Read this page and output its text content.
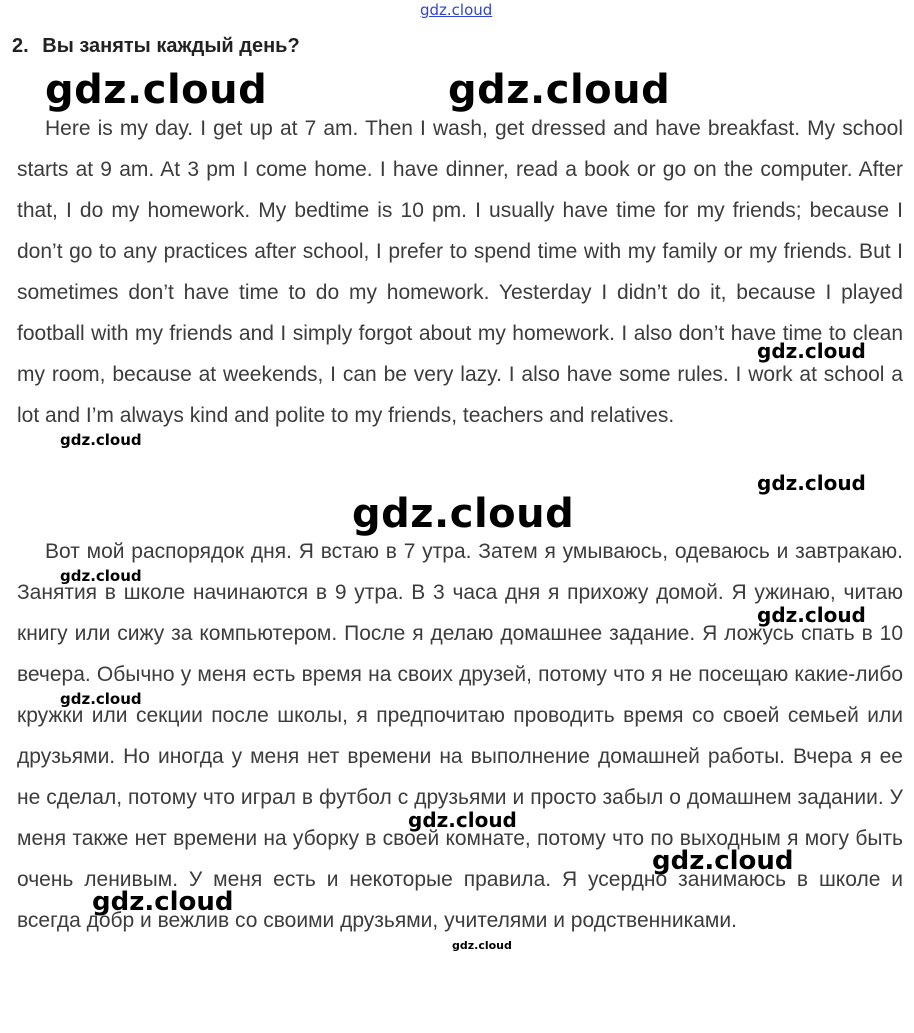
gdz.cloud
2. Вы заняты каждый день?

Here is my day. I get up at 7 am. Then I wash, get dressed and have breakfast. My school starts at 9 am. At 3 pm I come home. I have dinner, read a book or go on the computer. After that, I do my homework. My bedtime is 10 pm. I usually have time for my friends; because I don’t go to any practices after school, I prefer to spend time with my family or my friends. But I sometimes don’t have time to do my homework. Yesterday I didn’t do it, because I played football with my friends and I simply forgot about my homework. I also don’t have time to clean my room, because at weekends, I can be very lazy. I also have some rules. I work at school a lot and I’m always kind and polite to my friends, teachers and relatives.

Вот мой распорядок дня. Я встаю в 7 утра. Затем я умываюсь, одеваюсь и завтракаю. Занятия в школе начинаются в 9 утра. В 3 часа дня я прихожу домой. Я ужинаю, читаю книгу или сижу за компьютером. После я делаю домашнее задание. Я ложусь спать в 10 вечера. Обычно у меня есть время на своих друзей, потому что я не посещаю какие-либо кружки или секции после школы, я предпочитаю проводить время со своей семьей или друзьями. Но иногда у меня нет времени на выполнение домашней работы. Вчера я ее не сделал, потому что играл в футбол с друзьями и просто забыл о домашнем задании. У меня также нет времени на уборку в своей комнате, потому что по выходным я могу быть очень ленивым. У меня есть и некоторые правила. Я усердно занимаюсь в школе и всегда добр и вежлив со своими друзьями, учителями и родственниками.

gdz.cloud	gdz.cloud
gdz.cloud
gdz.cloud
gdz.cloud
gdz.cloud
gdz.cloud
gdz.cloud
gdz.cloud
gdz.cloud
gdz.cloud
gdz.cloud
gdz.cloud
